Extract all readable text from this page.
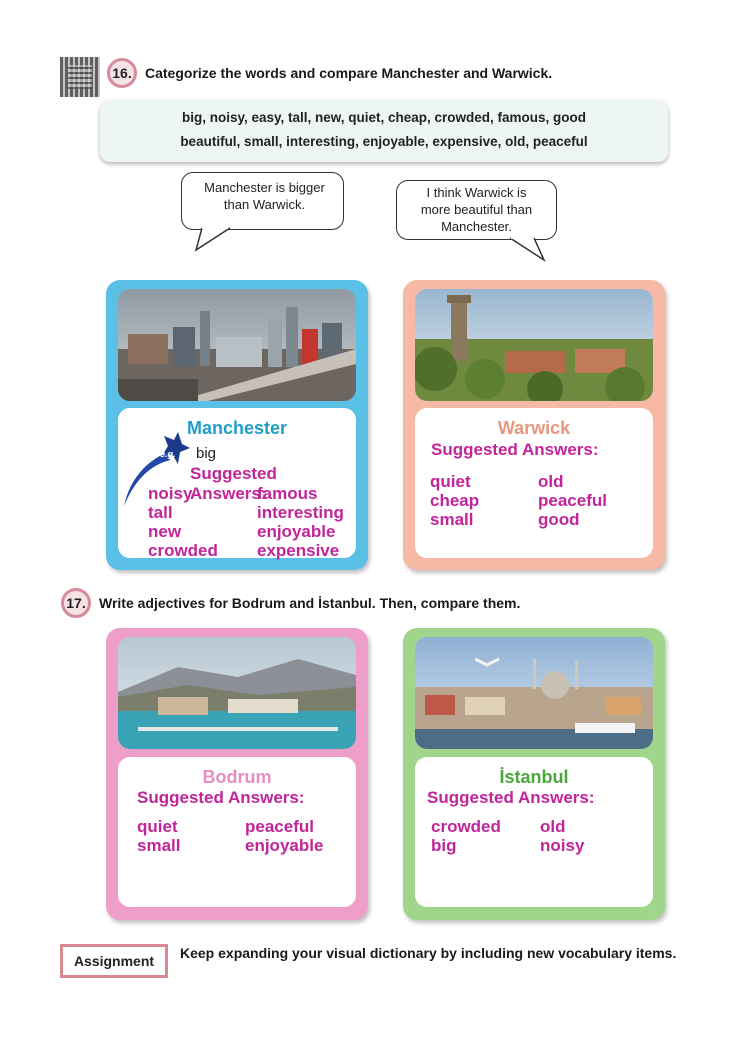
16. Categorize the words and compare Manchester and Warwick.
big, noisy, easy, tall, new, quiet, cheap, crowded, famous, good
beautiful, small, interesting, enjoyable, expensive, old, peaceful
Manchester is bigger than Warwick.
I think Warwick is more beautiful than Manchester.
Manchester
e.g. big
Suggested Answers:
noisy
tall
new
crowded
famous
interesting
enjoyable
expensive
Warwick
Suggested Answers:
quiet
cheap
small
old
peaceful
good
17. Write adjectives for Bodrum and İstanbul. Then, compare them.
Bodrum
Suggested Answers:
quiet
small
peaceful
enjoyable
İstanbul
Suggested Answers:
crowded
big
old
noisy
Assignment	Keep expanding your visual dictionary by including new vocabulary items.
